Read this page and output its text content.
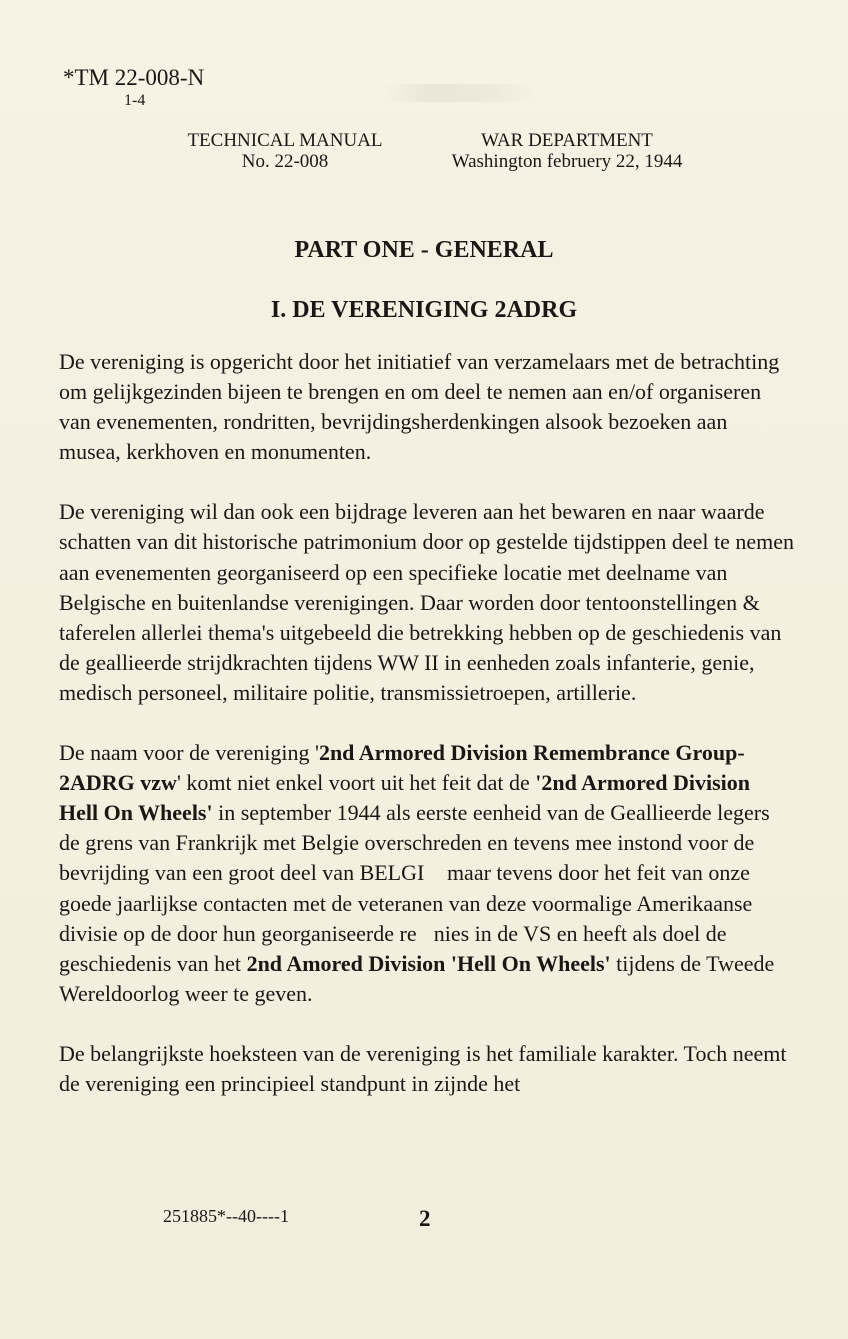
*TM 22-008-N
1-4
TECHNICAL MANUAL
No. 22-008
WAR DEPARTMENT
Washington februery 22, 1944
PART ONE - GENERAL
I. DE VERENIGING 2ADRG

De vereniging is opgericht door het initiatief van verzamelaars met de betrachting om gelijkgezinden bijeen te brengen en om deel te nemen aan en/of organiseren van evenementen, rondritten, bevrijdingsherdenkingen alsook bezoeken aan musea, kerkhoven en monumenten.

De vereniging wil dan ook een bijdrage leveren aan het bewaren en naar waarde schatten van dit historische patrimonium door op gestelde tijdstippen deel te nemen aan evenementen georganiseerd op een specifieke locatie met deelname van Belgische en buitenlandse verenigingen. Daar worden door tentoonstellingen & taferelen allerlei thema's uitgebeeld die betrekking hebben op de geschiedenis van de geallieerde strijdkrachten tijdens WW II in eenheden zoals infanterie, genie, medisch personeel, militaire politie, transmissietroepen, artillerie.

De naam voor de vereniging '2nd Armored Division Remembrance Group-2ADRG vzw' komt niet enkel voort uit het feit dat de '2nd Armored Division Hell On Wheels' in september 1944 als eerste eenheid van de Geallieerde legers de grens van Frankrijk met Belgie overschreden en tevens mee instond voor de bevrijding van een groot deel van BELGI  maar tevens door het feit van onze goede jaarlijkse contacten met de veteranen van deze voormalige Amerikaanse divisie op de door hun georganiseerde re nies in de VS en heeft als doel de geschiedenis van het 2nd Amored Division 'Hell On Wheels' tijdens de Tweede Wereldoorlog weer te geven.

De belangrijkste hoeksteen van de vereniging is het familiale karakter. Toch neemt de vereniging een principieel standpunt in zijnde het

251885*--40----1	2
